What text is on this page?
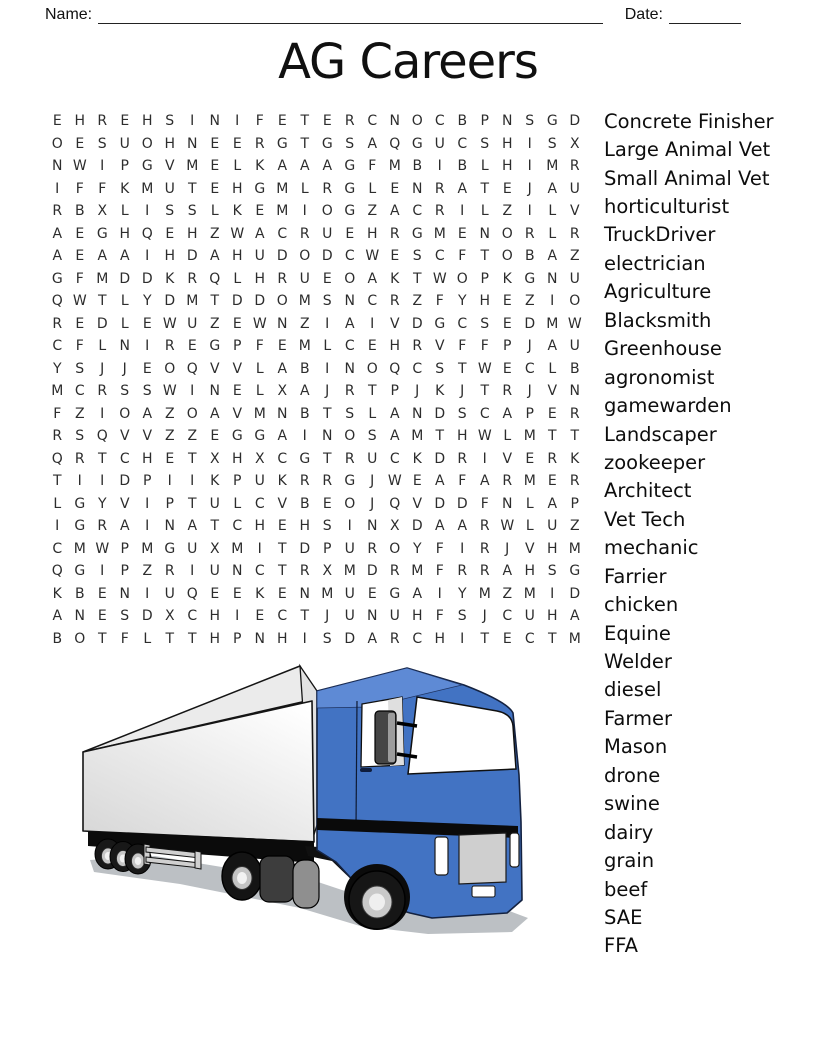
Name:	Date:
AG Careers
E H R E H S	I	N	I	F	E T E R C N O C B P N S G D
O E S U O H N E E R G T G S A Q G U C S H	I	S X
N W I	P G V M E	L	K A A A G F M B	I	B L H	I	M R
I	F	F K M U T E H G M L R G L	E N R A T E	J	A U
R B X L	I	S S	L	K E M	I	O G Z A C R	I	L Z	I	L V
A E G H Q E H Z W A C R U E H R G M E N O R L R
A E A A	I	H D A H U D O D C W E S C F	T O B A Z
G F M D D K R Q L H R U E O A K T W O P K G N U
Q W T	L	Y D M T D D O M S N C R Z F	Y H E Z	I	O
R E D L	E W U Z E W N Z	I	A	I	V D G C S E D M W
C F	L N	I	R E G P	F	E M L C E H R V F	F	P	J	A U
Y S	J	J	E O Q V V L A B	I	N O Q C S T W E C L B
M C R S S W I	N E	L X A	J	R T P	J	K	J	T R	J	V N
F Z	I	O A Z O A V M N B T S	L A N D S C A P E R
R S Q V V Z Z E G G A	I	N O S A M T H W L M T T
Q R T C H E T X H X C G T R U C K D R	I	V E R K
T	I	I	D P	I	I	K P U K R R G	J W E A F A R M E R
L G Y V	I	P	T U L C V B E O	J	Q V D D F N L A P
I	G R A	I	N A T C H E H S	I	N X D A A R W L U Z
C M W P M G U X M	I	T D P U R O Y	F	I	R	J	V H M
Q G	I	P Z R	I	U N C T R X M D R M F R R A H S G
K B E N	I	U Q E E K E N M U E G A	I	Y M Z M	I	D
A N E S D X C H	I	E C T	J	U N U H F	S	J	C U H A
B O T	F	L	T T H P N H	I	S D A R C H	I	T E C T M
Concrete Finisher
Large Animal Vet
Small Animal Vet
horticulturist
TruckDriver
electrician
Agriculture
Blacksmith
Greenhouse
agronomist
gamewarden
Landscaper
zookeeper
Architect
Vet Tech
mechanic
Farrier
chicken
Equine
Welder
diesel
Farmer
Mason
drone
swine
dairy
grain
beef
SAE
FFA
